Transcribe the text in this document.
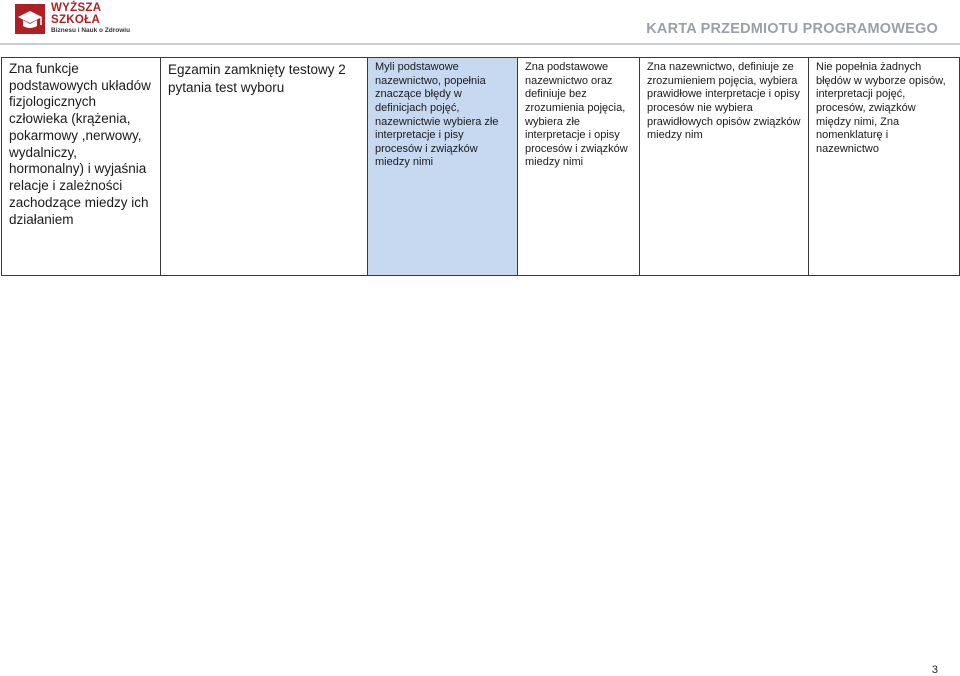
WYŻSZA SZKOŁA
Biznesu i Nauk o Zdrowiu	KARTA PRZEDMIOTU PROGRAMOWEGO
Zna funkcje podstawowych układów fizjologicznych człowieka (krążenia, pokarmowy ,nerwowy, wydalniczy, hormonalny) i wyjaśnia relacje i zależności zachodzące miedzy ich działaniem	Egzamin zamknięty testowy 2 pytania test wyboru	Myli podstawowe nazewnictwo, popełnia znaczące błędy w definicjach pojęć, nazewnictwie wybiera złe interpretacje i pisy procesów i związków miedzy nimi	Zna podstawowe nazewnictwo oraz definiuje bez zrozumienia pojęcia, wybiera złe interpretacje i opisy procesów i związków miedzy nimi	Zna nazewnictwo, definiuje ze zrozumieniem pojęcia, wybiera prawidłowe interpretacje i opisy procesów nie wybiera prawidłowych opisów związków miedzy nim	Nie popełnia żadnych błędów w wyborze opisów, interpretacji pojęć, procesów, związków między nimi, Zna nomenklaturę i nazewnictwo
3
